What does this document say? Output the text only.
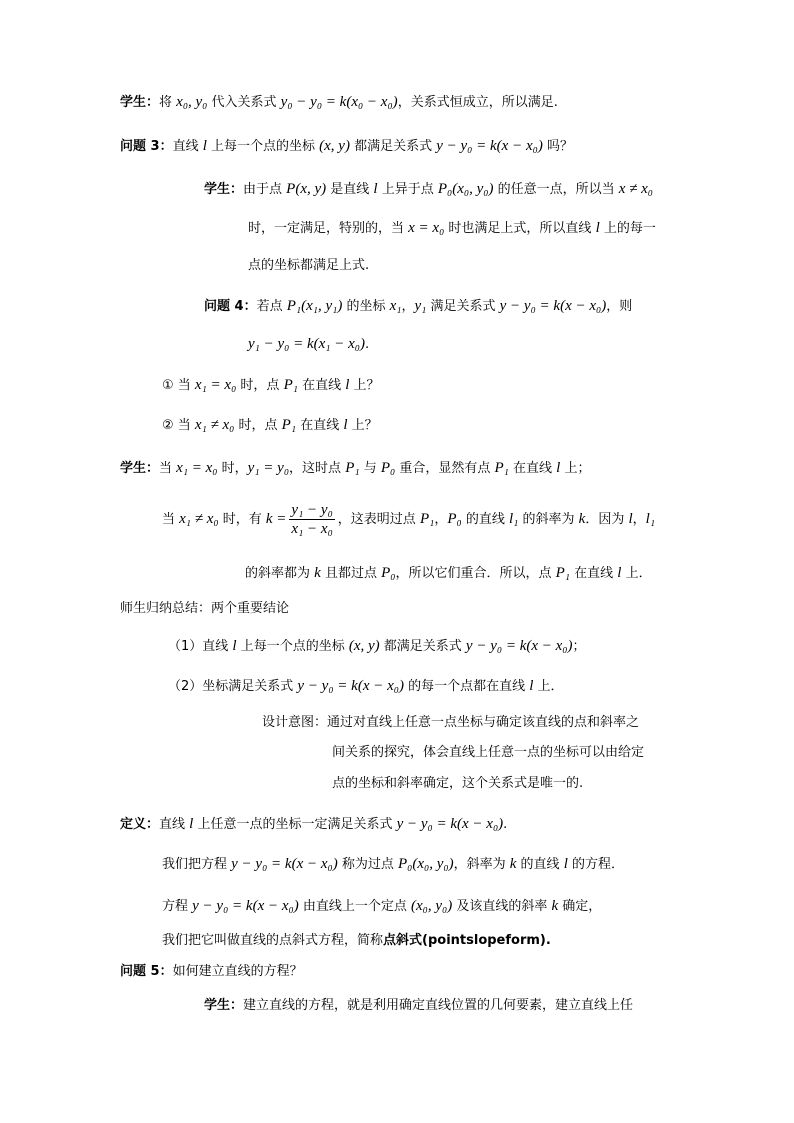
学生：将 x₀, y₀ 代入关系式 y₀ − y₀ = k(x₀ − x₀)，关系式恒成立，所以满足.
问题 3：直线 l 上每一个点的坐标 (x, y) 都满足关系式 y − y₀ = k(x − x₀) 吗？
学生：由于点 P(x, y) 是直线 l 上异于点 P₀(x₀, y₀) 的任意一点，所以当 x ≠ x₀
时，一定满足，特别的，当 x = x₀ 时也满足上式，所以直线 l 上的每一
点的坐标都满足上式.
问题 4：若点 P₁(x₁, y₁) 的坐标 x₁，y₁ 满足关系式 y − y₀ = k(x − x₀)，则
y₁ − y₀ = k(x₁ − x₀).
① 当 x₁ = x₀ 时，点 P₁ 在直线 l 上？
② 当 x₁ ≠ x₀ 时，点 P₁ 在直线 l 上？
学生：当 x₁ = x₀ 时，y₁ = y₀，这时点 P₁ 与 P₀ 重合，显然有点 P₁ 在直线 l 上；
当 x₁ ≠ x₀ 时，有 $k = \frac{\text{y₁ − y₀}}{\text{x₁ − x₀}}$ ，这表明过点 P₁，P₀ 的直线 l₁ 的斜率为 k．因为 l，l₁
的斜率都为 k 且都过点 P₀，所以它们重合．所以，点 P₁ 在直线 l 上．
师生归纳总结：两个重要结论
（1）直线 l 上每一个点的坐标 (x, y) 都满足关系式 y − y₀ = k(x − x₀)；
（2）坐标满足关系式 y − y₀ = k(x − x₀) 的每一个点都在直线 l 上．
设计意图：通过对直线上任意一点坐标与确定该直线的点和斜率之
间关系的探究，体会直线上任意一点的坐标可以由给定
点的坐标和斜率确定，这个关系式是唯一的.
定义：直线 l 上任意一点的坐标一定满足关系式 y − y₀ = k(x − x₀).
我们把方程 y − y₀ = k(x − x₀) 称为过点 P₀(x₀, y₀)，斜率为 k 的直线 l 的方程．
方程 y − y₀ = k(x − x₀) 由直线上一个定点 (x₀, y₀) 及该直线的斜率 k 确定，
我们把它叫做直线的点斜式方程，简称点斜式(pointslopeform).
问题 5：如何建立直线的方程？
学生：建立直线的方程，就是利用确定直线位置的几何要素，建立直线上任
